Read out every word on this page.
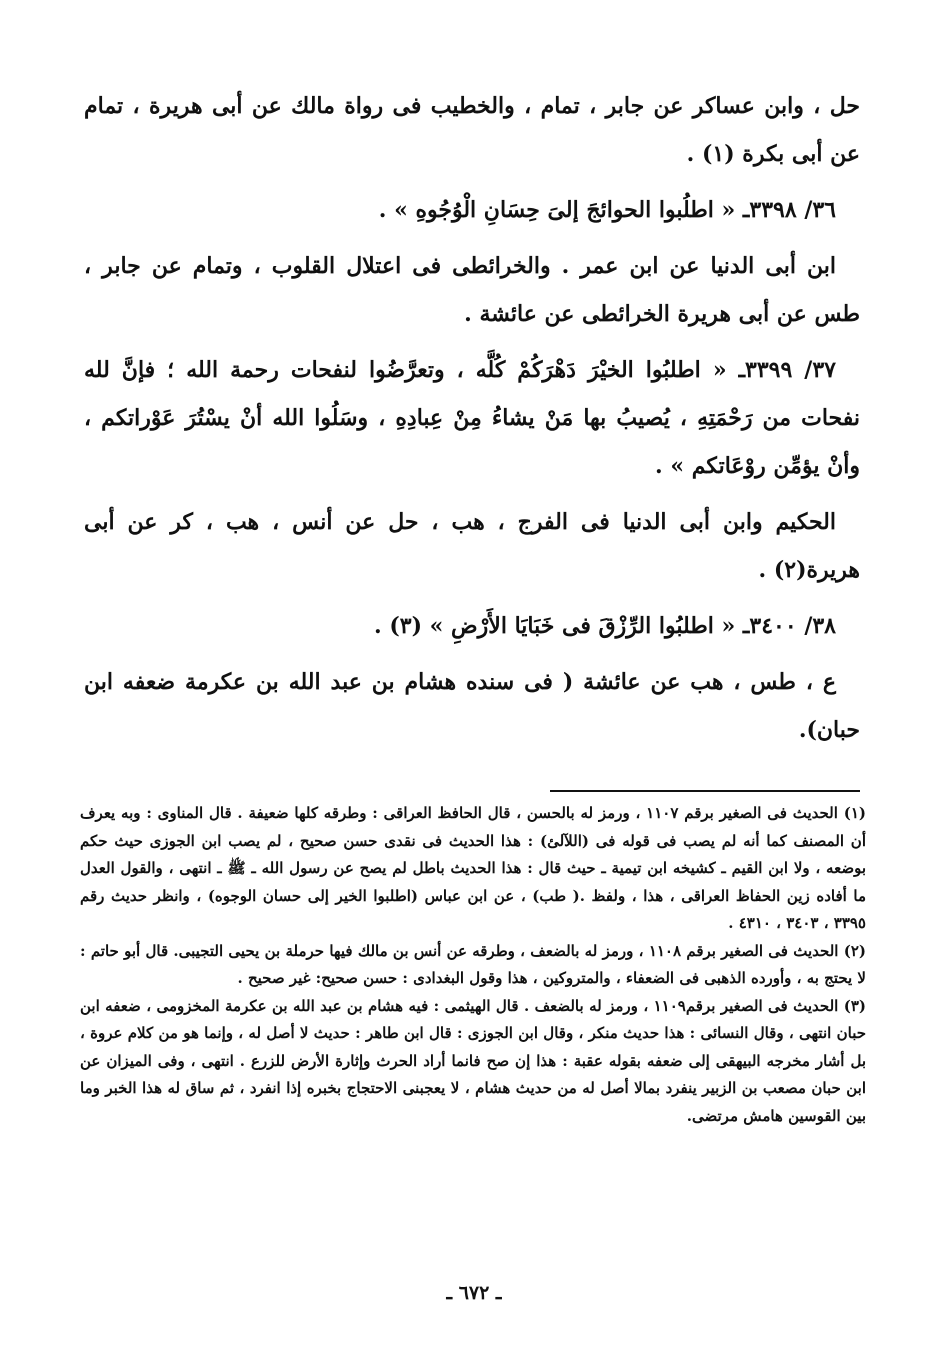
حل ، وابن عساكر عن جابر ، تمام ، والخطيب فى رواة مالك عن أبى هريرة ، تمام عن أبى بكرة (١) .

٣٦/ ٣٣٩٨ـ « اطلُبوا الحوائجَ إلىَ حِسَانِ الْوُجُوهِ » .

ابن أبى الدنيا عن ابن عمر . والخرائطى فى اعتلال القلوب ، وتمام عن جابر ، طس عن أبى هريرة الخرائطى عن عائشة .

٣٧/ ٣٣٩٩ـ « اطلبُوا الخيْرَ دَهْرَكُمْ كُلَّه ، وتعرَّضُوا لنفحات رحمة الله ؛ فإنَّ لله نفحات من رَحْمَتِهِ ، يُصيبُ بها مَنْ يشاءُ مِنْ عِبادِهِ ، وسَلُوا الله أنْ يسْتُرَ عَوْراتكم ، وأنْ يؤمِّن روْعَاتكم » .

الحكيم وابن أبى الدنيا فى الفرج ، هب ، حل عن أنس ، هب ، كر عن أبى هريرة(٢) .

٣٨/ ٣٤٠٠ـ « اطلبُوا الرِّزْقَ فى خَبَايَا الأَرْضِ » (٣) .

ع ، طس ، هب عن عائشة ( فى سنده هشام بن عبد الله بن عكرمة ضعفه ابن حبان).

(١) الحديث فى الصغير برقم ١١٠٧ ، ورمز له بالحسن ، قال الحافظ العراقى : وطرقه كلها ضعيفة . قال المناوى : وبه يعرف أن المصنف كما أنه لم يصب فى قوله فى (اللآلئ) : هذا الحديث فى نقدى حسن صحيح ، لم يصب ابن الجوزى حيث حكم بوضعه ، ولا ابن القيم ـ كشيخه ابن تيمية ـ حيث قال : هذا الحديث باطل لم يصح عن رسول الله ـ ﷺ ـ انتهى ، والقول العدل ما أفاده زين الحفاظ العراقى ، هذا ، ولفظ .( طب) ، عن ابن عباس (اطلبوا الخير إلى حسان الوجوه) ، وانظر حديث رقم ٣٣٩٥ ، ٣٤٠٣ ، ٤٣١٠ .

(٢) الحديث فى الصغير برقم ١١٠٨ ، ورمز له بالضعف ، وطرقه عن أنس بن مالك فيها حرملة بن يحيى التجيبى. قال أبو حاتم : لا يحتج به ، وأورده الذهبى فى الضعفاء ، والمتروكين ، هذا وقول البغدادى : حسن صحيح: غير صحيح .

(٣) الحديث فى الصغير برقم١١٠٩ ، ورمز له بالضعف . قال الهيثمى : فيه هشام بن عبد الله بن عكرمة المخزومى ، ضعفه ابن حبان انتهى ، وقال النسائى : هذا حديث منكر ، وقال ابن الجوزى : قال ابن طاهر : حديث لا أصل له ، وإنما هو من كلام عروة ، بل أشار مخرجه البيهقى إلى ضعفه بقوله عقبة : هذا إن صح فانما أراد الحرث وإثارة الأرض للزرع . انتهى ، وفى الميزان عن ابن حبان مصعب بن الزبير ينفرد بمالا أصل له من حديث هشام ، لا يعجبنى الاحتجاج بخبره إذا انفرد ، ثم ساق له هذا الخبر وما بين القوسين هامش مرتضى.

ـ ٦٧٢ ـ
